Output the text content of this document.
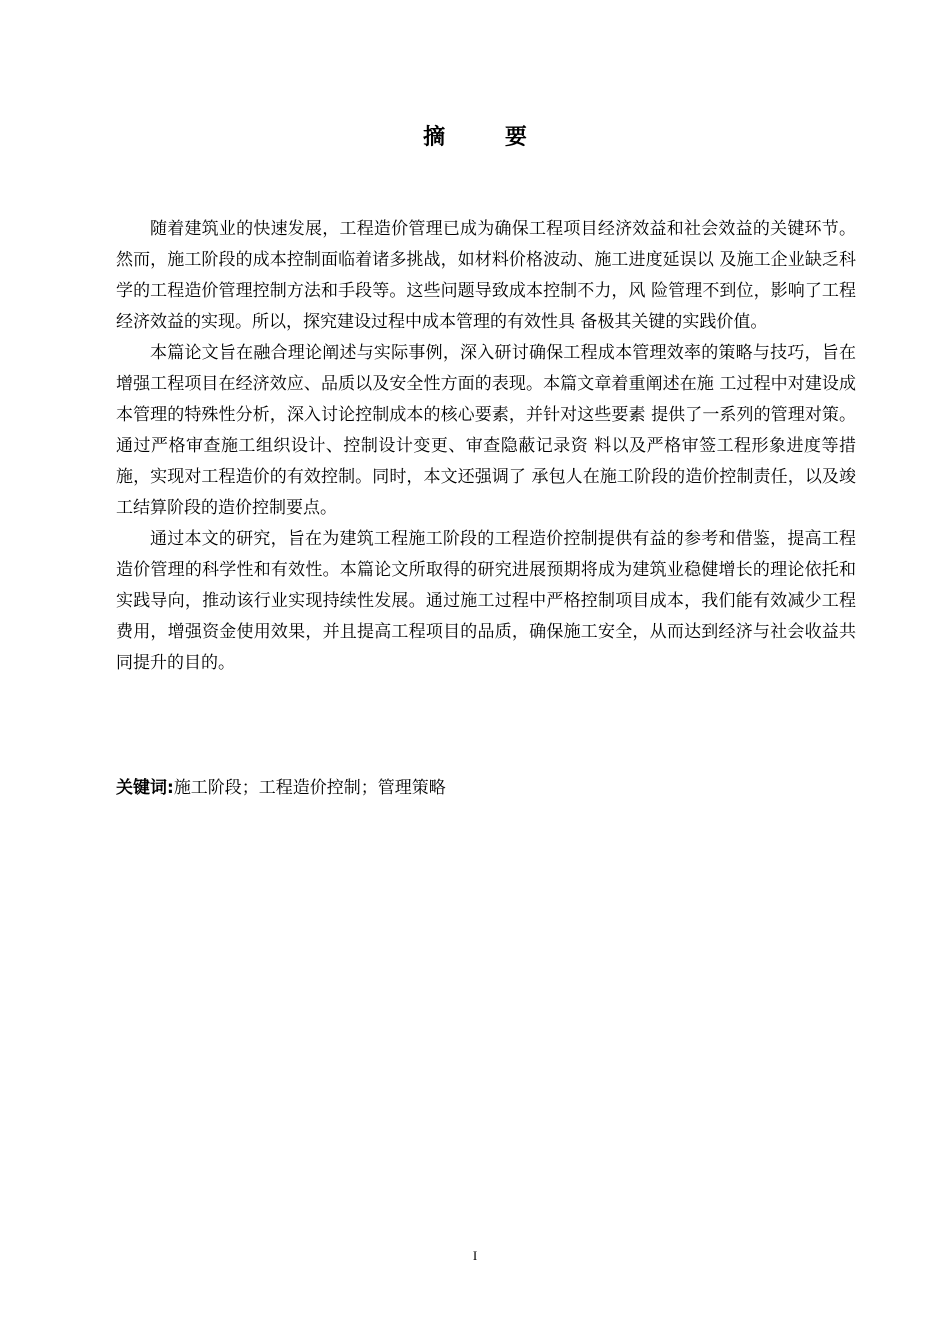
摘 要

随着建筑业的快速发展，工程造价管理已成为确保工程项目经济效益和社会效益的关键环节。然而，施工阶段的成本控制面临着诸多挑战，如材料价格波动、施工进度延误以 及施工企业缺乏科学的工程造价管理控制方法和手段等。这些问题导致成本控制不力，风 险管理不到位，影响了工程经济效益的实现。所以，探究建设过程中成本管理的有效性具 备极其关键的实践价值。

本篇论文旨在融合理论阐述与实际事例，深入研讨确保工程成本管理效率的策略与技巧，旨在增强工程项目在经济效应、品质以及安全性方面的表现。本篇文章着重阐述在施 工过程中对建设成本管理的特殊性分析，深入讨论控制成本的核心要素，并针对这些要素 提供了一系列的管理对策。通过严格审查施工组织设计、控制设计变更、审查隐蔽记录资 料以及严格审签工程形象进度等措施，实现对工程造价的有效控制。同时，本文还强调了 承包人在施工阶段的造价控制责任，以及竣工结算阶段的造价控制要点。

通过本文的研究，旨在为建筑工程施工阶段的工程造价控制提供有益的参考和借鉴，提高工程造价管理的科学性和有效性。本篇论文所取得的研究进展预期将成为建筑业稳健增长的理论依托和实践导向，推动该行业实现持续性发展。通过施工过程中严格控制项目成本，我们能有效减少工程费用，增强资金使用效果，并且提高工程项目的品质，确保施工安全，从而达到经济与社会收益共同提升的目的。

关键词:施工阶段；工程造价控制；管理策略
I
